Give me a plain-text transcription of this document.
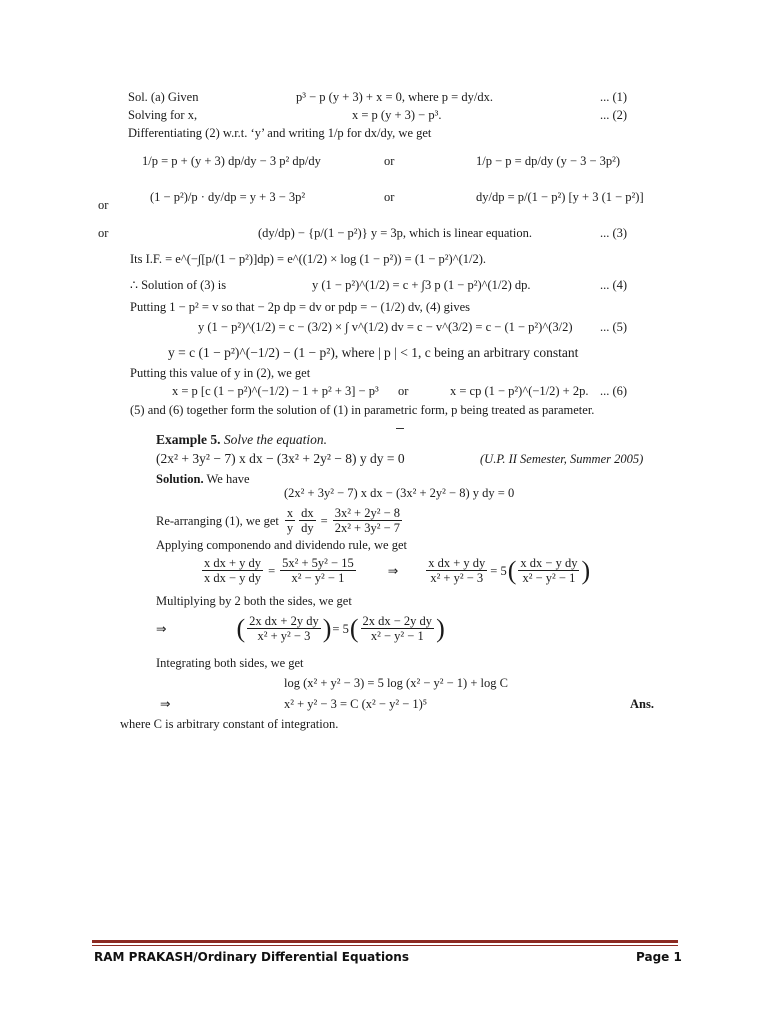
Sol. (a) Given	p³ − p (y + 3) + x = 0, where p = dy/dx.	... (1)
Solving for x,	x = p (y + 3) − p³.	... (2)
Differentiating (2) w.r.t. ‘y’ and writing 1/p for dx/dy, we get
1/p = p + (y + 3) dp/dy − 3 p² dp/dy	or	1/p − p = dp/dy (y − 3 − 3p²)
or
(1 − p²)/p · dy/dp = y + 3 − 3p²	or	dy/dp = p/(1 − p²) [y + 3 (1 − p²)]
or	(dy/dp) − {p/(1 − p²)} y = 3p, which is linear equation.	... (3)
Its I.F. = e^(−∫[p/(1 − p²)]dp) = e^((1/2) × log (1 − p²)) = (1 − p²)^(1/2).
∴ Solution of (3) is	y (1 − p²)^(1/2) = c + ∫3 p (1 − p²)^(1/2) dp.	... (4)
Putting 1 − p² = v so that − 2p dp = dv or pdp = − (1/2) dv, (4) gives
y (1 − p²)^(1/2) = c − (3/2) × ∫ v^(1/2) dv = c − v^(3/2) = c − (1 − p²)^(3/2) ... (5)
y = c (1 − p²)^(−1/2) − (1 − p²), where | p | < 1, c being an arbitrary constant
Putting this value of y in (2), we get
x = p [c (1 − p²)^(−1/2) − 1 + p² + 3] − p³ or	x = cp (1 − p²)^(−1/2) + 2p. ... (6)
(5) and (6) together form the solution of (1) in parametric form, p being treated as parameter.
Example 5. Solve the equation.
(2x² + 3y² − 7) x dx − (3x² + 2y² − 8) y dy = 0	(U.P. II Semester, Summer 2005)
Solution. We have
(2x² + 3y² − 7) x dx − (3x² + 2y² − 8) y dy = 0
Re-arranging (1), we get $\frac{x}{y} \frac{dx}{dy} = \frac{\text{3x² + 2y² − 8}}{\text{2x² + 3y² − 7}}$
Applying componendo and dividendo rule, we get
$\frac{\text{x dx + y dy}}{\text{x dx − y dy}} = \frac{\text{5x² + 5y² − 15}}{\text{x² − y² − 1}}$	⇒ $\frac{\text{x dx + y dy}}{\text{x² + y² − 3}} = 5$ ( $\frac{\text{x dx − y dy}}{\text{x² − y² − 1}}$ )
Multiplying by 2 both the sides, we get
⇒	( $\frac{\text{2x dx + 2y dy}}{\text{x² + y² − 3}}$ ) = 5 ( $\frac{\text{2x dx − 2y dy}}{\text{x² − y² − 1}}$ )
Integrating both sides, we get
log (x² + y² − 3) = 5 log (x² − y² − 1) + log C
⇒	x² + y² − 3 = C (x² − y² − 1)⁵	Ans.
where C is arbitrary constant of integration.
RAM PRAKASH/Ordinary Differential Equations	Page 1
